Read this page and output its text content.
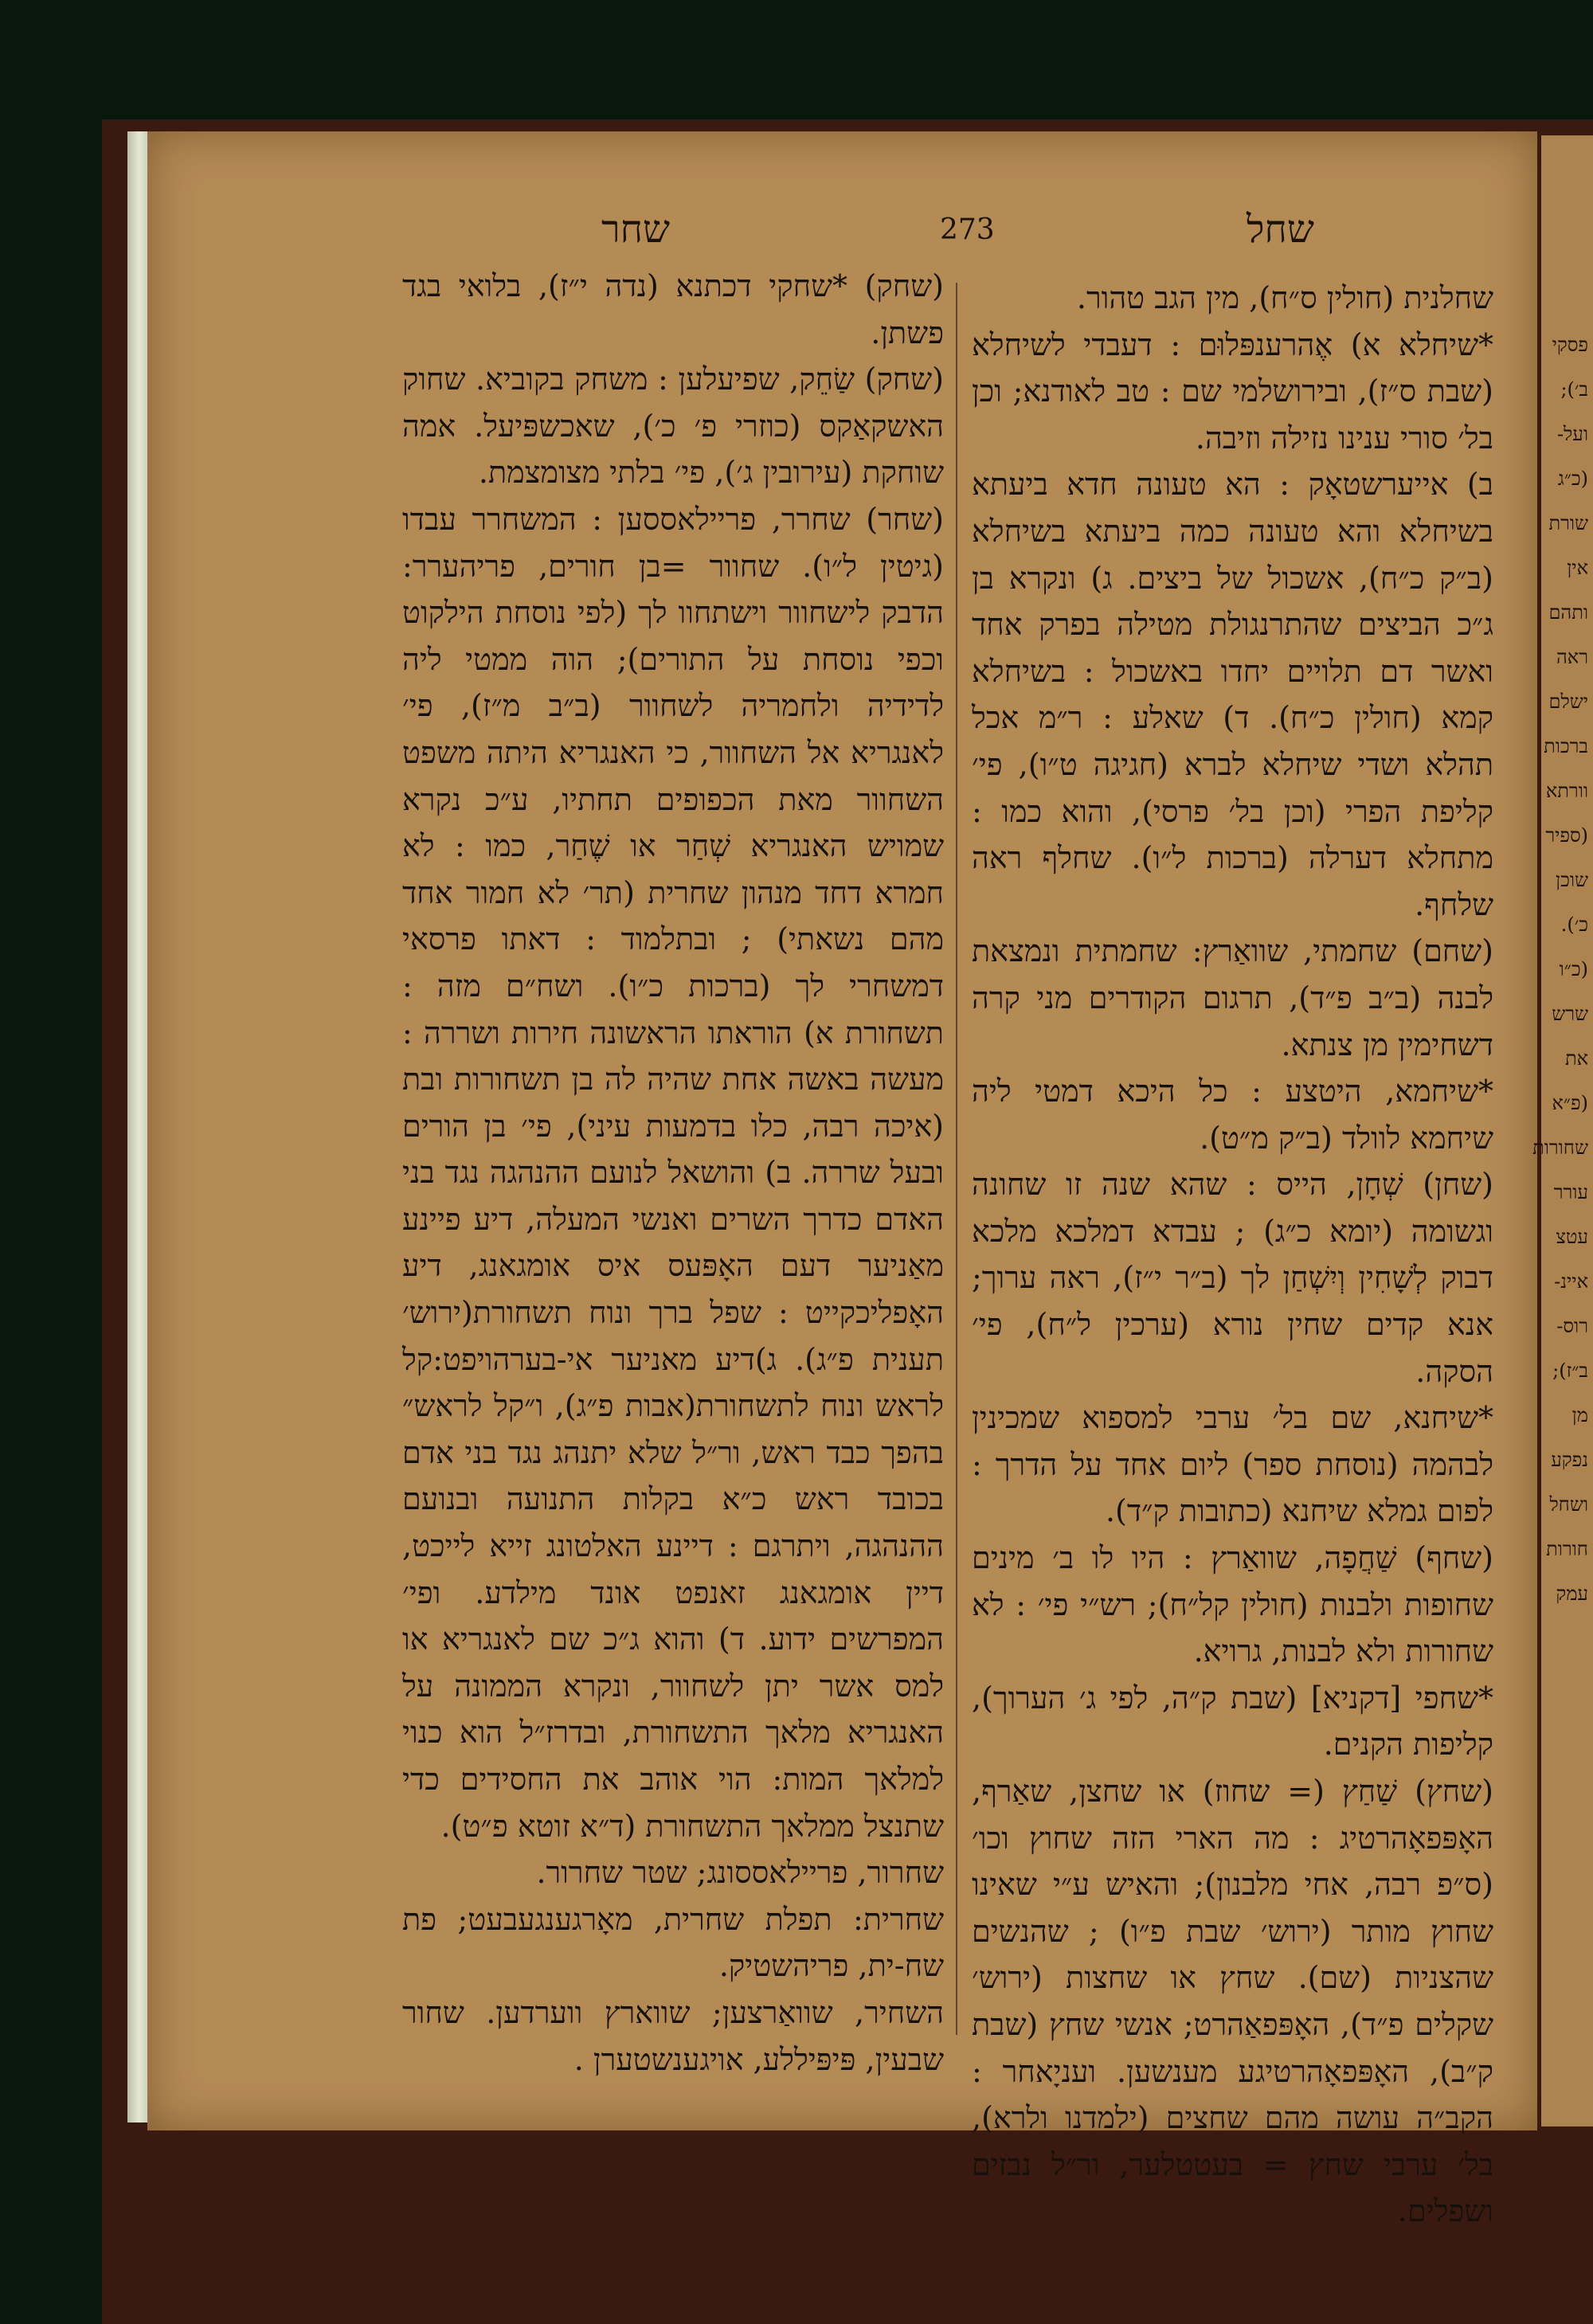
פסקי
ב׳);
ועל-
(כ״ג
שורת
אין
ותהם
ראה
ישלם
ברכות
וורתא
(ספיר
שוכן
כ׳).
(כ״ו
שרש
את
(פ״א
שחורות
עורר
עטצ
איינ-
רוס-
ב״ז);
מן
נפקע
ושחל
חורות
עמק
שחל
273
שחר

שחלנית (חולין ס״ח), מין הגב טהור.

*שיחלא א) אֶהרענפּלוּם : דעבדי לשיחלא (שבת ס״ז), ובירושלמי שם : טב לאודנא; וכן בל׳ סורי ענינו נזילה וזיבה.

ב) אייערשטאָק : הא טעונה חדא ביעתא בשיחלא והא טעונה כמה ביעתא בשיחלא (ב״ק כ״ח), אשכול של ביצים. ג) ונקרא בן ג״כ הביצים שהתרנגולת מטילה בפרק אחד ואשר דם תלויים יחדו באשכול : בשיחלא קמא (חולין כ״ח). ד) שאלע : ר״מ אכל תהלא ושדי שיחלא לברא (חגיגה ט״ו), פי׳ קליפת הפרי (וכן בל׳ פרסי), והוא כמו : מתחלא דערלה (ברכות ל״ו). שחלף ראה שלחף.

(שחם) שחמתי, שוואַרץ: שחמתית ונמצאת לבנה (ב״ב פ״ד), תרגום הקודרים מני קרה דשחימין מן צנתא.

*שיחמא, היטצע : כל היכא דמטי ליה שיחמא לוולד (ב״ק מ״ט).

(שחן) שְׁחָן, הייס : שהא שנה זו שחונה וגשומה (יומא כ״ג) ; עבדא דמלכא מלכא דבוק לְשָׁחִין וְיִשְׁחַן לך (ב״ר י״ז), ראה ערוך; אנא קדים שחין נורא (ערכין ל״ח), פי׳ הסקה.

*שיחנא, שם בל׳ ערבי למספוא שמכינין לבהמה (נוסחת ספר) ליום אחד על הדרך : לפום גמלא שיחנא (כתובות ק״ד).

(שחף) שַׁחֲפָה, שוואַרץ : היו לו ב׳ מינים שחופות ולבנות (חולין קל״ח); רש״י פי׳ : לא שחורות ולא לבנות, גרויא.

*שחפי [דקניא] (שבת ק״ה, לפי ג׳ הערוך), קליפות הקנים.

(שחץ) שַׁחַץ (= שחוז) או שחצן, שאַרף, האָפּפאָהרטיג : מה הארי הזה שחוץ וכו׳ (ס״פ רבה, אחי מלבנון); והאיש ע״י שאינו שחוץ מותר (ירוש׳ שבת פ״ו) ; שהנשים שהצניות (שם). שחץ או שחצות (ירוש׳ שקלים פ״ד), האָפּפאַהרט; אנשי שחץ (שבת ק״ב), האָפּפאָהרטיגע מענשען. ועניָאחר : הקב״ה עושה מהם שחצים (ילמדנו ולרא), בל׳ ערבי שחץ = בעטטלער, ור״ל נבזים ושפלים.

(שחק) *שחקי דכתנא (נדה י״ז), בלואי בגד פשתן.

(שחק) שַׂחֵק, שפיעלען : משחק בקוביא. שחוק האשקאַקס (כוזרי פ׳ כ׳), שאכשפּיעל. אמה שוחקת (עירובין ג׳), פי׳ בלתי מצומצמת.

(שחר) שחרר, פריילאססען : המשחרר עבדו (גיטין ל״ו). שחוור =בן חורים, פריהערר: הדבק לישחוור וישתחוו לך (לפי נוסחת הילקוט וכפי נוסחת על התורים); הוה ממטי ליה לדידיה ולחמריה לשחוור (ב״ב מ״ז), פי׳ לאנגריא אל השחוור, כי האנגריא היתה משפט השחוור מאת הכפופים תחתיו, ע״כ נקרא שמויש האנגריא שְׁחַר או שֶׁחַר, כמו : לא חמרא דחד מנהון שחרית (תר׳ לא חמור אחד מהם נשאתי) ; ובתלמוד : דאתו פרסאי דמשחרי לך (ברכות כ״ו). ושח״ם מזה : תשחורת א) הוראתו הראשונה חירות ושררה : מעשה באשה אחת שהיה לה בן תשחורות ובת (איכה רבה, כלו בדמעות עיני), פי׳ בן הורים ובעל שררה. ב) והושאל לנועם ההנהגה נגד בני האדם כדרך השרים ואנשי המעלה, דיע פיינע מאַניער דעם האָפּעס איס אומגאנג, דיע האָפליכקייט : שפל ברך ונוח תשחורת(ירוש׳ תענית פ״ג). ג)דיע מאניער אי-בערהויפט:קל לראש ונוח לתשחורת(אבות פ״ג), ו״קל לראש״ בהפך כבד ראש, ור״ל שלא יתנהג נגד בני אדם בכובד ראש כ״א בקלות התנועה ובנועם ההנהגה, ויתרגם : דיינע האלטונג זייא לייכט, דיין אומגאנג זאנפט אונד מילדע. ופי׳ המפרשים ידוע. ד) והוא ג״כ שם לאנגריא או למס אשר יתן לשחוור, ונקרא הממונה על האנגריא מלאך התשחורת, ובדרז״ל הוא כנוי למלאך המות: הוי אוהב את החסידים כדי שתנצל ממלאך התשחורת (ד״א זוטא פ״ט).

שחרור, פריילאססונג; שטר שחרור.

שחרית: תפלת שחרית, מאָרגענגעבעט; פת שח-ית, פריהשטיק.

השחיר, שוואַרצען; שווארץ ווערדען. שחור שבעין, פּיפּיללע, אויגענשטערן .
